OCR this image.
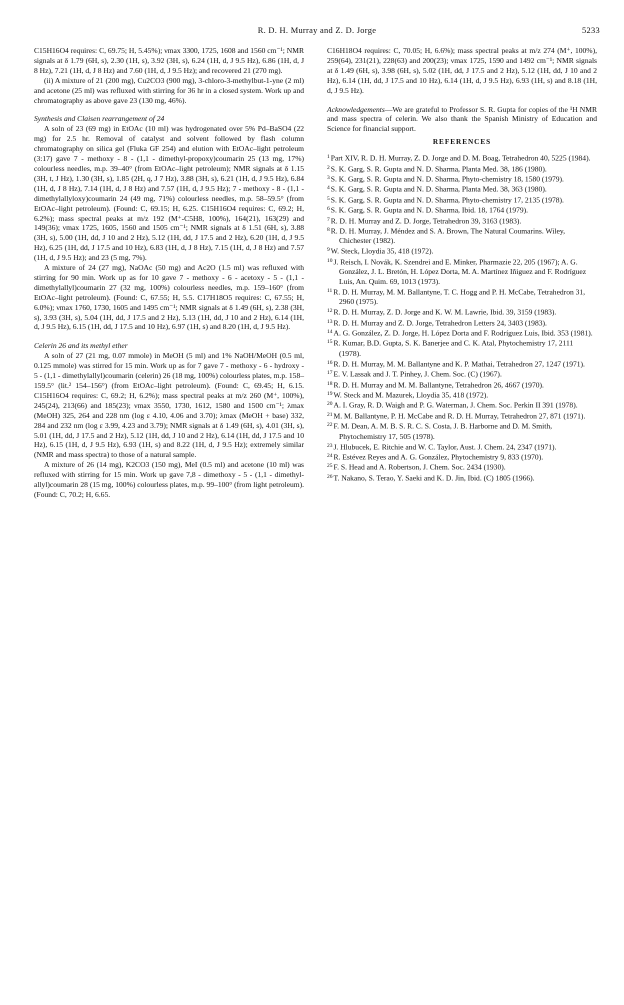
R. D. H. Murray and Z. D. Jorge	5233

C15H16O4 requires: C, 69.75; H, 5.45%); νmax 3300, 1725, 1608 and 1560 cm⁻¹; NMR signals at δ 1.79 (6H, s), 2.30 (1H, s), 3.92 (3H, s), 6.24 (1H, d, J 9.5 Hz), 6.86 (1H, d, J 8 Hz), 7.21 (1H, d, J 8 Hz) and 7.60 (1H, d, J 9.5 Hz); and recovered 21 (270 mg).

(ii) A mixture of 21 (200 mg), Cu2CO3 (900 mg), 3-chloro-3-methylbut-1-yne (2 ml) and acetone (25 ml) was refluxed with stirring for 36 hr in a closed system. Work up and chromatography as above gave 23 (130 mg, 46%).

Synthesis and Claisen rearrangement of 24

A soln of 23 (69 mg) in EtOAc (10 ml) was hydrogenated over 5% Pd–BaSO4 (22 mg) for 2.5 hr. Removal of catalyst and solvent followed by flash column chromatography on silica gel (Fluka GF 254) and elution with EtOAc–light petroleum (3:17) gave 7 - methoxy - 8 - (1,1 - dimethyl-propoxy)coumarin 25 (13 mg, 17%) colourless needles, m.p. 39–40° (from EtOAc–light petroleum); NMR signals at δ 1.15 (3H, t, J Hz), 1.30 (3H, s), 1.85 (2H, q, J 7 Hz), 3.88 (3H, s), 6.21 (1H, d, J 9.5 Hz), 6.84 (1H, d, J 8 Hz), 7.14 (1H, d, J 8 Hz) and 7.57 (1H, d, J 9.5 Hz); 7 - methoxy - 8 - (1,1 - dimethylallyloxy)coumarin 24 (49 mg, 71%) colourless needles, m.p. 58–59.5° (from EtOAc–light petroleum). (Found: C, 69.15; H, 6.25. C15H16O4 requires: C, 69.2; H, 6.2%); mass spectral peaks at m/z 192 (M⁺-C5H8, 100%), 164(21), 163(29) and 149(36); νmax 1725, 1605, 1560 and 1505 cm⁻¹; NMR signals at δ 1.51 (6H, s), 3.88 (3H, s), 5.00 (1H, dd, J 10 and 2 Hz), 5.12 (1H, dd, J 17.5 and 2 Hz), 6.20 (1H, d, J 9.5 Hz), 6.25 (1H, dd, J 17.5 and 10 Hz), 6.83 (1H, d, J 8 Hz), 7.15 (1H, d, J 8 Hz) and 7.57 (1H, d, J 9.5 Hz); and 23 (5 mg, 7%).

A mixture of 24 (27 mg), NaOAc (50 mg) and Ac2O (1.5 ml) was refluxed with stirring for 90 min. Work up as for 10 gave 7 - methoxy - 6 - acetoxy - 5 - (1,1 - dimethylallyl)coumarin 27 (32 mg, 100%) colourless needles, m.p. 159–160° (from EtOAc–light petroleum). (Found: C, 67.55; H, 5.5. C17H18O5 requires: C, 67.55; H, 6.0%); νmax 1760, 1730, 1605 and 1495 cm⁻¹; NMR signals at δ 1.49 (6H, s), 2.38 (3H, s), 3.93 (3H, s), 5.04 (1H, dd, J 17.5 and 2 Hz), 5.13 (1H, dd, J 10 and 2 Hz), 6.14 (1H, d, J 9.5 Hz), 6.15 (1H, dd, J 17.5 and 10 Hz), 6.97 (1H, s) and 8.20 (1H, d, J 9.5 Hz).

Celerin 26 and its methyl ether

A soln of 27 (21 mg, 0.07 mmole) in MeOH (5 ml) and 1% NaOH/MeOH (0.5 ml, 0.125 mmole) was stirred for 15 min. Work up as for 7 gave 7 - methoxy - 6 - hydroxy - 5 - (1,1 - dimethylallyl)coumarin (celerin) 26 (18 mg, 100%) colourless plates, m.p. 158–159.5° (lit.² 154–156°) (from EtOAc–light petroleum). (Found: C, 69.45; H, 6.15. C15H16O4 requires: C, 69.2; H, 6.2%); mass spectral peaks at m/z 260 (M⁺, 100%), 245(24), 213(66) and 185(23); νmax 3550, 1730, 1612, 1580 and 1500 cm⁻¹; λmax (MeOH) 325, 264 and 228 nm (log ε 4.10, 4.06 and 3.70); λmax (MeOH + base) 332, 284 and 232 nm (log ε 3.99, 4.23 and 3.79); NMR signals at δ 1.49 (6H, s), 4.01 (3H, s), 5.01 (1H, dd, J 17.5 and 2 Hz), 5.12 (1H, dd, J 10 and 2 Hz), 6.14 (1H, dd, J 17.5 and 10 Hz), 6.15 (1H, d, J 9.5 Hz), 6.93 (1H, s) and 8.22 (1H, d, J 9.5 Hz); extremely similar (NMR and mass spectra) to those of a natural sample.

A mixture of 26 (14 mg), K2CO3 (150 mg), MeI (0.5 ml) and acetone (10 ml) was refluxed with stirring for 15 min. Work up gave 7,8 - dimethoxy - 5 - (1,1 - dimethyl-allyl)coumarin 28 (15 mg, 100%) colourless plates, m.p. 99–100° (from light petroleum). (Found: C, 70.2; H, 6.65.

C16H18O4 requires: C, 70.05; H, 6.6%); mass spectral peaks at m/z 274 (M⁺, 100%), 259(64), 231(21), 228(63) and 200(23); νmax 1725, 1590 and 1492 cm⁻¹; NMR signals at δ 1.49 (6H, s), 3.98 (6H, s), 5.02 (1H, dd, J 17.5 and 2 Hz), 5.12 (1H, dd, J 10 and 2 Hz), 6.14 (1H, dd, J 17.5 and 10 Hz), 6.14 (1H, d, J 9.5 Hz), 6.93 (1H, s) and 8.18 (1H, d, J 9.5 Hz).

Acknowledgements—We are grateful to Professor S. R. Gupta for copies of the ¹H NMR and mass spectra of celerin. We also thank the Spanish Ministry of Education and Science for financial support.

REFERENCES
$^1$Part XIV, R. D. H. Murray, Z. D. Jorge and D. M. Boag, Tetrahedron 40, 5225 (1984).
$^2$S. K. Garg, S. R. Gupta and N. D. Sharma, Planta Med. 38, 186 (1980).
$^3$S. K. Garg, S. R. Gupta and N. D. Sharma, Phyto-chemistry 18, 1580 (1979).
$^4$S. K. Garg, S. R. Gupta and N. D. Sharma, Planta Med. 38, 363 (1980).
$^5$S. K. Garg, S. R. Gupta and N. D. Sharma, Phyto-chemistry 17, 2135 (1978).
$^6$S. K. Garg, S. R. Gupta and N. D. Sharma, Ibid. 18, 1764 (1979).
$^7$R. D. H. Murray and Z. D. Jorge, Tetrahedron 39, 3163 (1983).
$^8$R. D. H. Murray, J. Méndez and S. A. Brown, The Natural Coumarins. Wiley, Chichester (1982).
$^9$W. Steck, Lloydia 35, 418 (1972).
$^{10}$J. Reisch, I. Novák, K. Szendrei and E. Minker, Pharmazie 22, 205 (1967); A. G. González, J. L. Bretón, H. López Dorta, M. A. Martínez Iñiguez and F. Rodríguez Luis, An. Quim. 69, 1013 (1973).
$^{11}$R. D. H. Murray, M. M. Ballantyne, T. C. Hogg and P. H. McCabe, Tetrahedron 31, 2960 (1975).
$^{12}$R. D. H. Murray, Z. D. Jorge and K. W. M. Lawrie, Ibid. 39, 3159 (1983).
$^{13}$R. D. H. Murray and Z. D. Jorge, Tetrahedron Letters 24, 3403 (1983).
$^{14}$A. G. González, Z. D. Jorge, H. López Dorta and F. Rodríguez Luis, Ibid. 353 (1981).
$^{15}$R. Kumar, B.D. Gupta, S. K. Banerjee and C. K. Atal, Phytochemistry 17, 2111 (1978).
$^{16}$R. D. H. Murray, M. M. Ballantyne and K. P. Mathai, Tetrahedron 27, 1247 (1971).
$^{17}$E. V. Lassak and J. T. Pinhey, J. Chem. Soc. (C) (1967).
$^{18}$R. D. H. Murray and M. M. Ballantyne, Tetrahedron 26, 4667 (1970).
$^{19}$W. Steck and M. Mazurek, Lloydia 35, 418 (1972).
$^{20}$A. I. Gray, R. D. Waigh and P. G. Waterman, J. Chem. Soc. Perkin II 391 (1978).
$^{21}$M. M. Ballantyne, P. H. McCabe and R. D. H. Murray, Tetrahedron 27, 871 (1971).
$^{22}$F. M. Dean, A. M. B. S. R. C. S. Costa, J. B. Harborne and D. M. Smith, Phytochemistry 17, 505 (1978).
$^{23}$J. Hlubucek, E. Ritchie and W. C. Taylor, Aust. J. Chem. 24, 2347 (1971).
$^{24}$R. Estévez Reyes and A. G. González, Phytochemistry 9, 833 (1970).
$^{25}$F. S. Head and A. Robertson, J. Chem. Soc. 2434 (1930).
$^{26}$T. Nakano, S. Terao, Y. Saeki and K. D. Jin, Ibid. (C) 1805 (1966).
